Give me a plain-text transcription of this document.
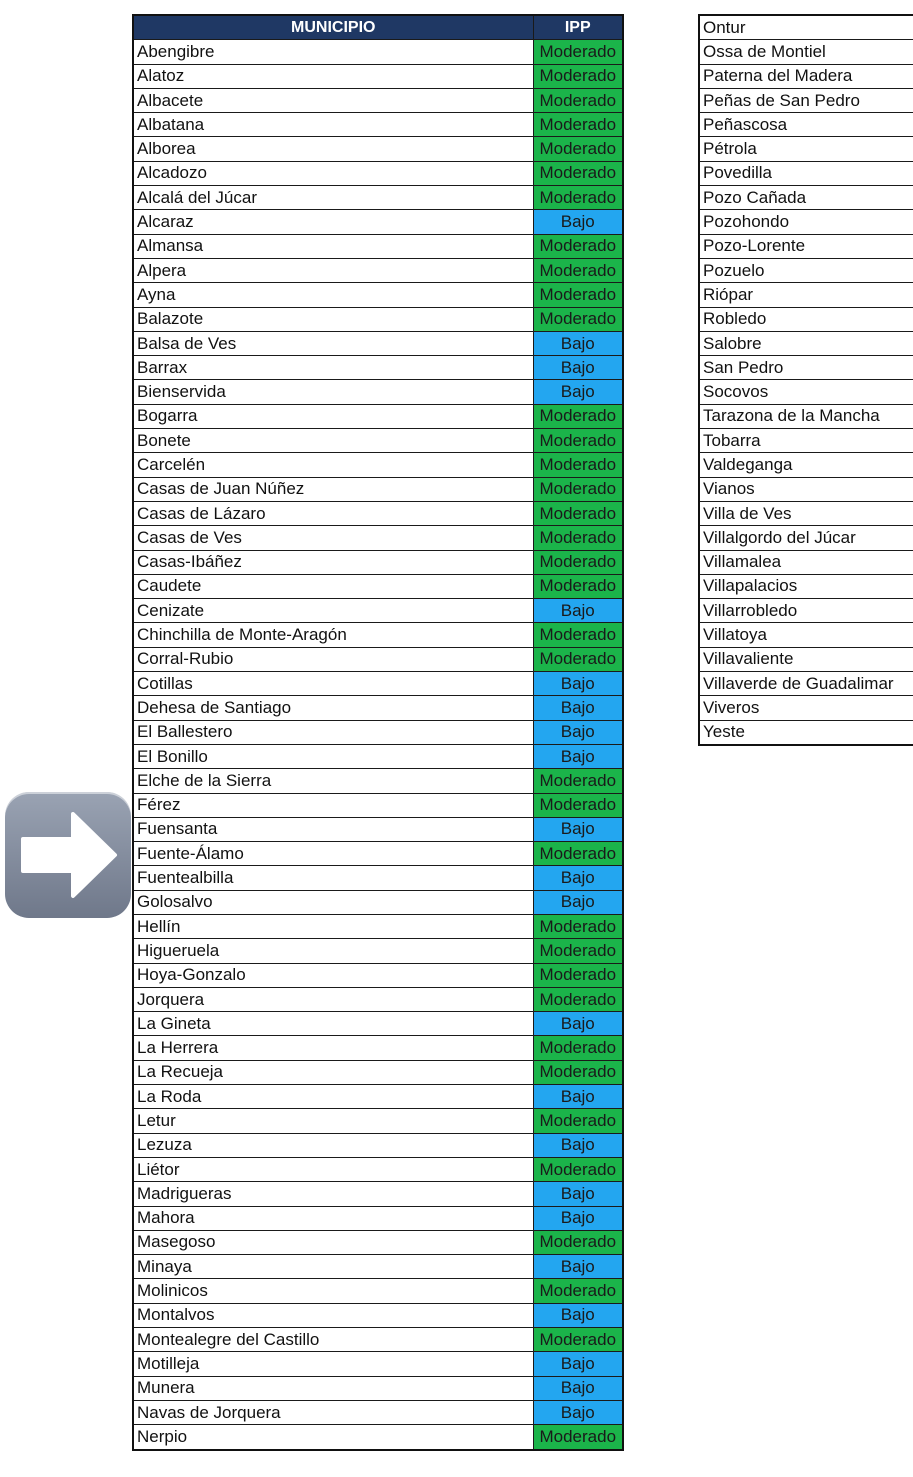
MUNICIPIO	IPP
Abengibre	Moderado
Alatoz	Moderado
Albacete	Moderado
Albatana	Moderado
Alborea	Moderado
Alcadozo	Moderado
Alcalá del Júcar	Moderado
Alcaraz	Bajo
Almansa	Moderado
Alpera	Moderado
Ayna	Moderado
Balazote	Moderado
Balsa de Ves	Bajo
Barrax	Bajo
Bienservida	Bajo
Bogarra	Moderado
Bonete	Moderado
Carcelén	Moderado
Casas de Juan Núñez	Moderado
Casas de Lázaro	Moderado
Casas de Ves	Moderado
Casas-Ibáñez	Moderado
Caudete	Moderado
Cenizate	Bajo
Chinchilla de Monte-Aragón	Moderado
Corral-Rubio	Moderado
Cotillas	Bajo
Dehesa de Santiago	Bajo
El Ballestero	Bajo
El Bonillo	Bajo
Elche de la Sierra	Moderado
Férez	Moderado
Fuensanta	Bajo
Fuente-Álamo	Moderado
Fuentealbilla	Bajo
Golosalvo	Bajo
Hellín	Moderado
Higueruela	Moderado
Hoya-Gonzalo	Moderado
Jorquera	Moderado
La Gineta	Bajo
La Herrera	Moderado
La Recueja	Moderado
La Roda	Bajo
Letur	Moderado
Lezuza	Bajo
Liétor	Moderado
Madrigueras	Bajo
Mahora	Bajo
Masegoso	Moderado
Minaya	Bajo
Molinicos	Moderado
Montalvos	Bajo
Montealegre del Castillo	Moderado
Motilleja	Bajo
Munera	Bajo
Navas de Jorquera	Bajo
Nerpio	Moderado
Ontur
Ossa de Montiel
Paterna del Madera
Peñas de San Pedro
Peñascosa
Pétrola
Povedilla
Pozo Cañada
Pozohondo
Pozo-Lorente
Pozuelo
Riópar
Robledo
Salobre
San Pedro
Socovos
Tarazona de la Mancha
Tobarra
Valdeganga
Vianos
Villa de Ves
Villalgordo del Júcar
Villamalea
Villapalacios
Villarrobledo
Villatoya
Villavaliente
Villaverde de Guadalimar
Viveros
Yeste
